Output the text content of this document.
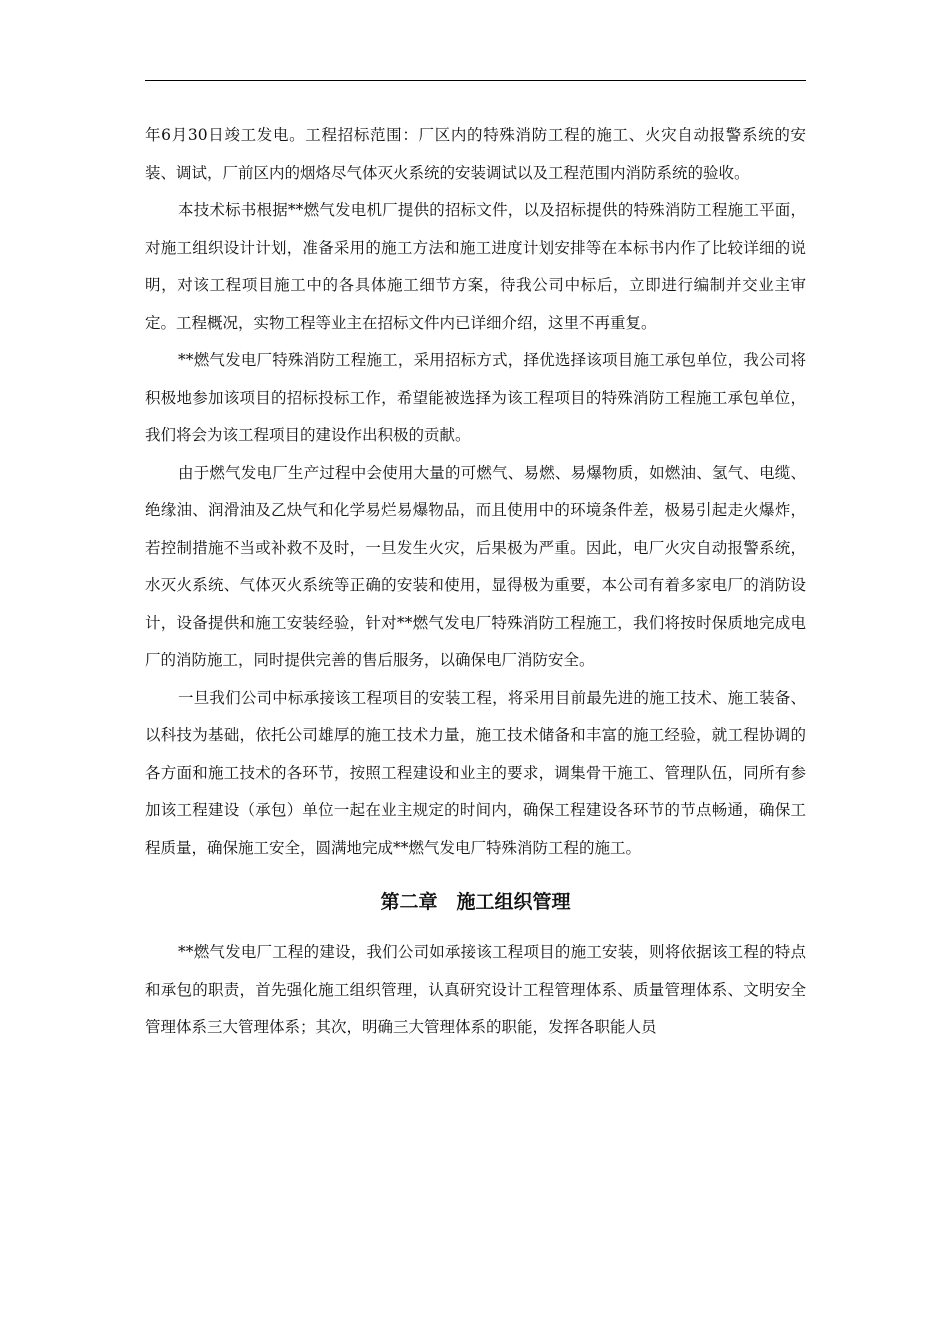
年6月30日竣工发电。工程招标范围：厂区内的特殊消防工程的施工、火灾自动报警系统的安装、调试，厂前区内的烟烙尽气体灭火系统的安装调试以及工程范围内消防系统的验收。

本技术标书根据**燃气发电机厂提供的招标文件，以及招标提供的特殊消防工程施工平面，对施工组织设计计划，准备采用的施工方法和施工进度计划安排等在本标书内作了比较详细的说明，对该工程项目施工中的各具体施工细节方案，待我公司中标后，立即进行编制并交业主审定。工程概况，实物工程等业主在招标文件内已详细介绍，这里不再重复。

**燃气发电厂特殊消防工程施工，采用招标方式，择优选择该项目施工承包单位，我公司将积极地参加该项目的招标投标工作，希望能被选择为该工程项目的特殊消防工程施工承包单位，我们将会为该工程项目的建设作出积极的贡献。

由于燃气发电厂生产过程中会使用大量的可燃气、易燃、易爆物质，如燃油、氢气、电缆、绝缘油、润滑油及乙炔气和化学易烂易爆物品，而且使用中的环境条件差，极易引起走火爆炸，若控制措施不当或补救不及时，一旦发生火灾，后果极为严重。因此，电厂火灾自动报警系统，水灭火系统、气体灭火系统等正确的安装和使用，显得极为重要，本公司有着多家电厂的消防设计，设备提供和施工安装经验，针对**燃气发电厂特殊消防工程施工，我们将按时保质地完成电厂的消防施工，同时提供完善的售后服务，以确保电厂消防安全。

一旦我们公司中标承接该工程项目的安装工程，将采用目前最先进的施工技术、施工装备、以科技为基础，依托公司雄厚的施工技术力量，施工技术储备和丰富的施工经验，就工程协调的各方面和施工技术的各环节，按照工程建设和业主的要求，调集骨干施工、管理队伍，同所有参加该工程建设（承包）单位一起在业主规定的时间内，确保工程建设各环节的节点畅通，确保工程质量，确保施工安全，圆满地完成**燃气发电厂特殊消防工程的施工。

第二章　施工组织管理

**燃气发电厂工程的建设，我们公司如承接该工程项目的施工安装，则将依据该工程的特点和承包的职责，首先强化施工组织管理，认真研究设计工程管理体系、质量管理体系、文明安全管理体系三大管理体系；其次，明确三大管理体系的职能，发挥各职能人员
